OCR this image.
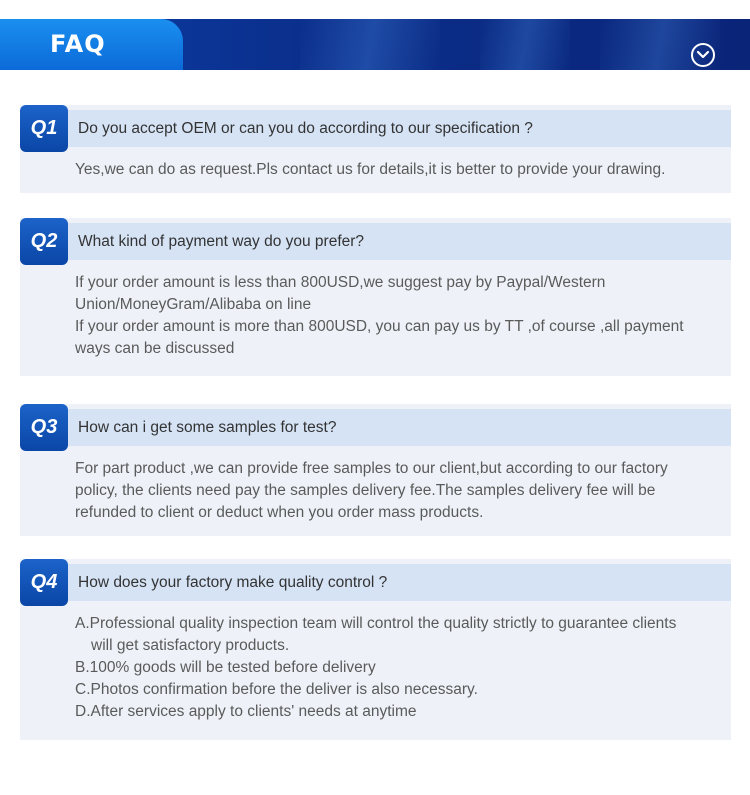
FAQ
Do you accept OEM or can you do according to our specification ?
Q1

Yes,we can do as request.Pls contact us for details,it is better to provide your drawing.

What kind of payment way do you prefer?
Q2

If your order amount is less than 800USD,we suggest pay by Paypal/Western Union/MoneyGram/Alibaba on line

If your order amount is more than 800USD, you can pay us by TT ,of course ,all payment ways can be discussed

How can i get some samples for test?
Q3

For part product ,we can provide free samples to our client,but according to our factory policy, the clients need pay the samples delivery fee.The samples delivery fee will be refunded to client or deduct when you order mass products.

How does your factory make quality control ?
Q4

A.Professional quality inspection team will control the quality strictly to guarantee clients

will get satisfactory products.

B.100% goods will be tested before delivery

C.Photos confirmation before the deliver is also necessary.

D.After services apply to clients' needs at anytime
